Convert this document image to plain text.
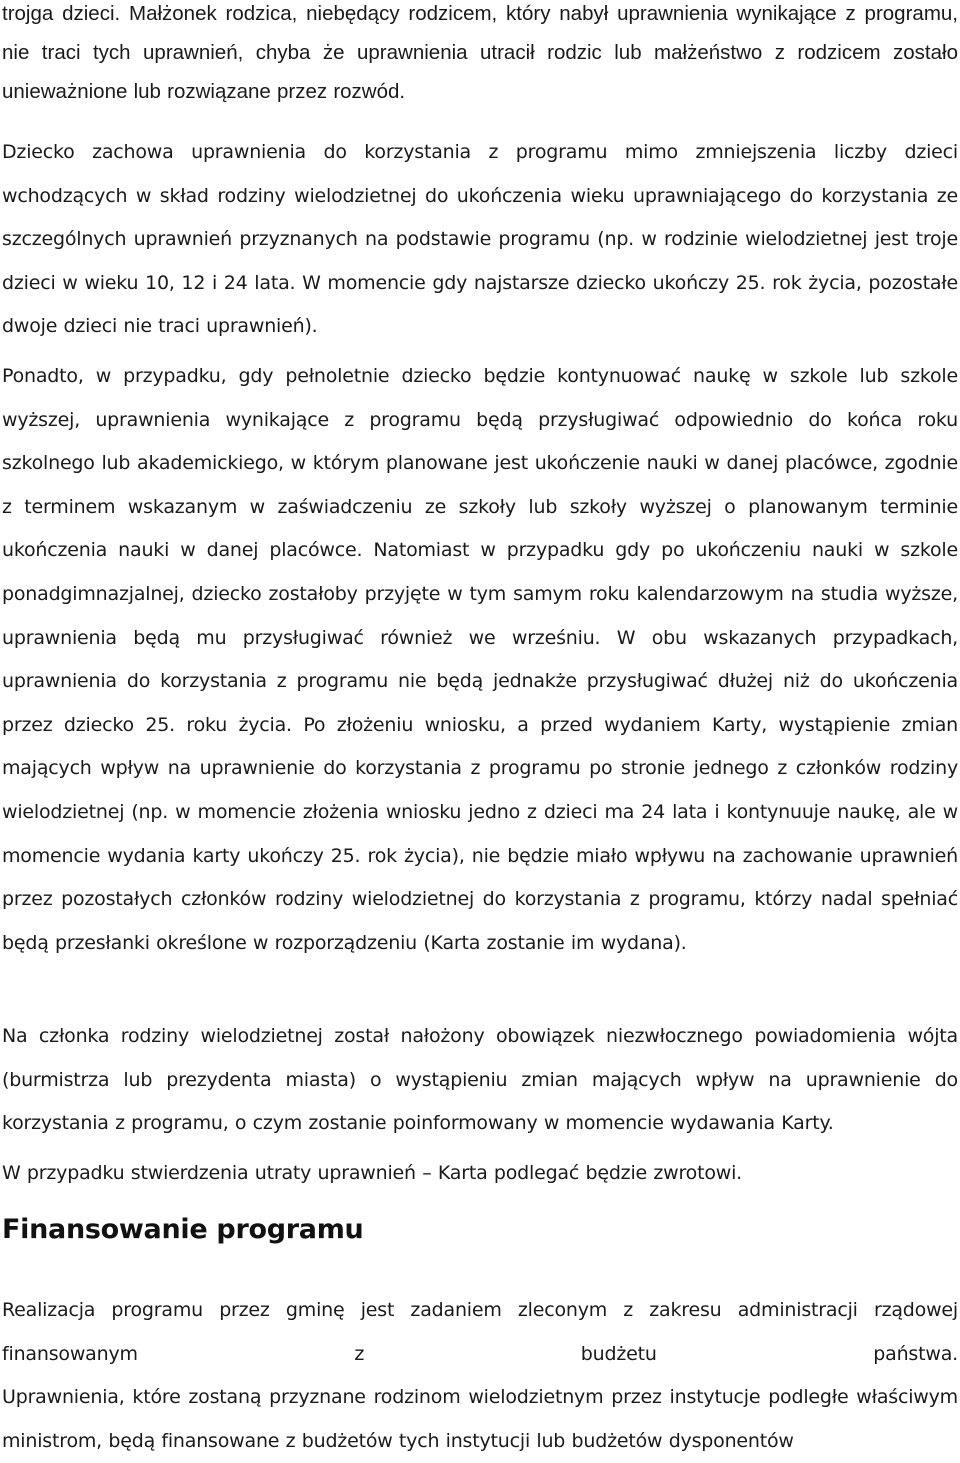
trojga dzieci. Małżonek rodzica, niebędący rodzicem, który nabył uprawnienia wynikające z programu, nie traci tych uprawnień, chyba że uprawnienia utracił rodzic lub małżeństwo z rodzicem zostało unieważnione lub rozwiązane przez rozwód.

Dziecko zachowa uprawnienia do korzystania z programu mimo zmniejszenia liczby dzieci wchodzących w skład rodziny wielodzietnej do ukończenia wieku uprawniającego do korzystania ze szczególnych uprawnień przyznanych na podstawie programu (np. w rodzinie wielodzietnej jest troje dzieci w wieku 10, 12 i 24 lata. W momencie gdy najstarsze dziecko ukończy 25. rok życia, pozostałe dwoje dzieci nie traci uprawnień).

Ponadto, w przypadku, gdy pełnoletnie dziecko będzie kontynuować naukę w szkole lub szkole wyższej, uprawnienia wynikające z programu będą przysługiwać odpowiednio do końca roku szkolnego lub akademickiego, w którym planowane jest ukończenie nauki w danej placówce, zgodnie z terminem wskazanym w zaświadczeniu ze szkoły lub szkoły wyższej o planowanym terminie ukończenia nauki w danej placówce. Natomiast w przypadku gdy po ukończeniu nauki w szkole ponadgimnazjalnej, dziecko zostałoby przyjęte w tym samym roku kalendarzowym na studia wyższe, uprawnienia będą mu przysługiwać również we wrześniu. W obu wskazanych przypadkach, uprawnienia do korzystania z programu nie będą jednakże przysługiwać dłużej niż do ukończenia przez dziecko 25. roku życia. Po złożeniu wniosku, a przed wydaniem Karty, wystąpienie zmian mających wpływ na uprawnienie do korzystania z programu po stronie jednego z członków rodziny wielodzietnej (np. w momencie złożenia wniosku jedno z dzieci ma 24 lata i kontynuuje naukę, ale w momencie wydania karty ukończy 25. rok życia), nie będzie miało wpływu na zachowanie uprawnień przez pozostałych członków rodziny wielodzietnej do korzystania z programu, którzy nadal spełniać będą przesłanki określone w rozporządzeniu (Karta zostanie im wydana).

Na członka rodziny wielodzietnej został nałożony obowiązek niezwłocznego powiadomienia wójta (burmistrza lub prezydenta miasta) o wystąpieniu zmian mających wpływ na uprawnienie do korzystania z programu, o czym zostanie poinformowany w momencie wydawania Karty.

W przypadku stwierdzenia utraty uprawnień – Karta podlegać będzie zwrotowi.

Finansowanie programu

Realizacja programu przez gminę jest zadaniem zleconym z zakresu administracji rządowej finansowanym z budżetu państwa.
Uprawnienia, które zostaną przyznane rodzinom wielodzietnym przez instytucje podległe właściwym ministrom, będą finansowane z budżetów tych instytucji lub budżetów dysponentów
